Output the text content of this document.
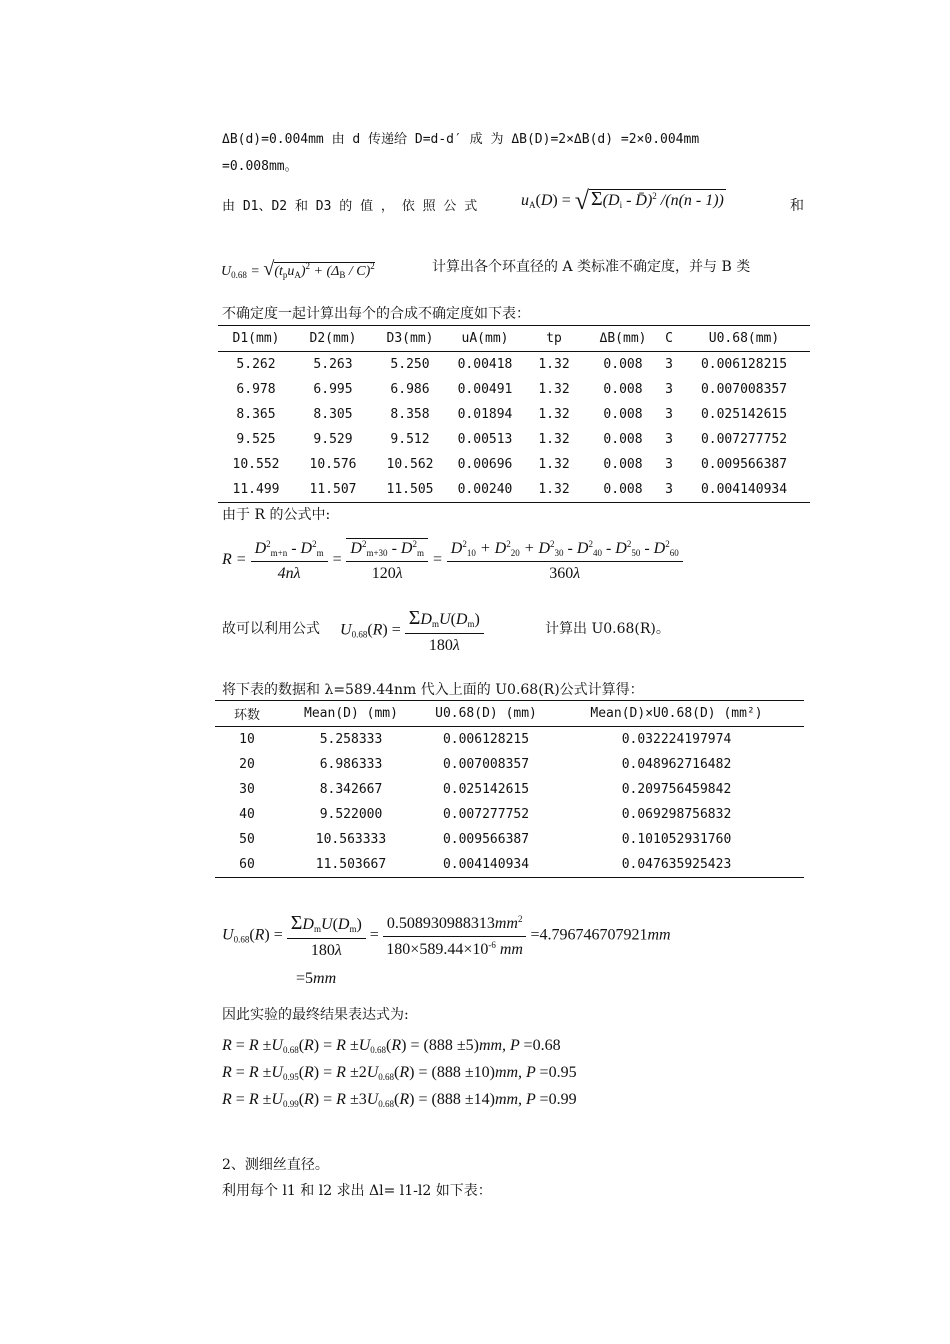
ΔB(d)=0.004mm 由 d 传递给 D=d-d′ 成 为 ΔB(D)=2×ΔB(d) =2×0.004mm
=0.008mm。
由 D1、D2 和 D3 的 值 ， 依 照 公 式	$u_A(D)$ = √ $\Sigma(D_i$ - D̄)$^2$ /(n(n - 1))	和
$U_{0.68} = √(t_pu_A)^2 + (\Delta_B / C)^2$	计算出各个环直径的 A 类标准不确定度，并与 B 类
不确定度一起计算出每个的合成不确定度如下表：
D1(mm)	D2(mm)	D3(mm)	uA(mm)	tp	ΔB(mm)	C	U0.68(mm)
5.262	5.263	5.250	0.00418	1.32	0.008	3	0.006128215
6.978	6.995	6.986	0.00491	1.32	0.008	3	0.007008357
8.365	8.305	8.358	0.01894	1.32	0.008	3	0.025142615
9.525	9.529	9.512	0.00513	1.32	0.008	3	0.007277752
10.552	10.576	10.562	0.00696	1.32	0.008	3	0.009566387
11.499	11.507	11.505	0.00240	1.32	0.008	3	0.004140934
由于 R 的公式中:
$R = \frac{D^2_{m+n} - D^2_m}{4n\lambda} = \frac{D^2_{m+30} - D^2_m}{120\lambda} = \frac{D^2_{10} + D^2_{20} + D^2_{30} - D^2_{40} - D^2_{50} - D^2_{60}}{360\lambda}$
故可以利用公式 $U_{0.68}(R) = \frac{\Sigma D_mU(D_m)}{180\lambda}$	计算出 U0.68(R)。
将下表的数据和 λ=589.44nm 代入上面的 U0.68(R)公式计算得：
环数	Mean(D) (mm)	U0.68(D) (mm)	Mean(D)×U0.68(D) (mm²)
10	5.258333	0.006128215	0.032224197974
20	6.986333	0.007008357	0.048962716482
30	8.342667	0.025142615	0.209756459842
40	9.522000	0.007277752	0.069298756832
50	10.563333	0.009566387	0.101052931760
60	11.503667	0.004140934	0.047635925423
$U_{0.68}(R) = \frac{\Sigma D_mU(D_m)}{180\lambda} = \frac{0.508930988313mm^2}{180\times 589.44\times 10^{-6} mm} =4.796746707921mm$
=5mm
因此实验的最终结果表达式为:
$R = R \pm U_{0.68}(R) = R \pm U_{0.68}(R) = (888 \pm 5)mm$, P =0.68
$R = R \pm U_{0.95}(R) = R \pm 2U_{0.68}(R) = (888 \pm 10)mm$, P =0.95
$R = R \pm U_{0.99}(R) = R \pm 3U_{0.68}(R) = (888 \pm 14)mm$, P =0.99
2、测细丝直径。
利用每个 l1 和 l2 求出 Δl= l1-l2 如下表：
